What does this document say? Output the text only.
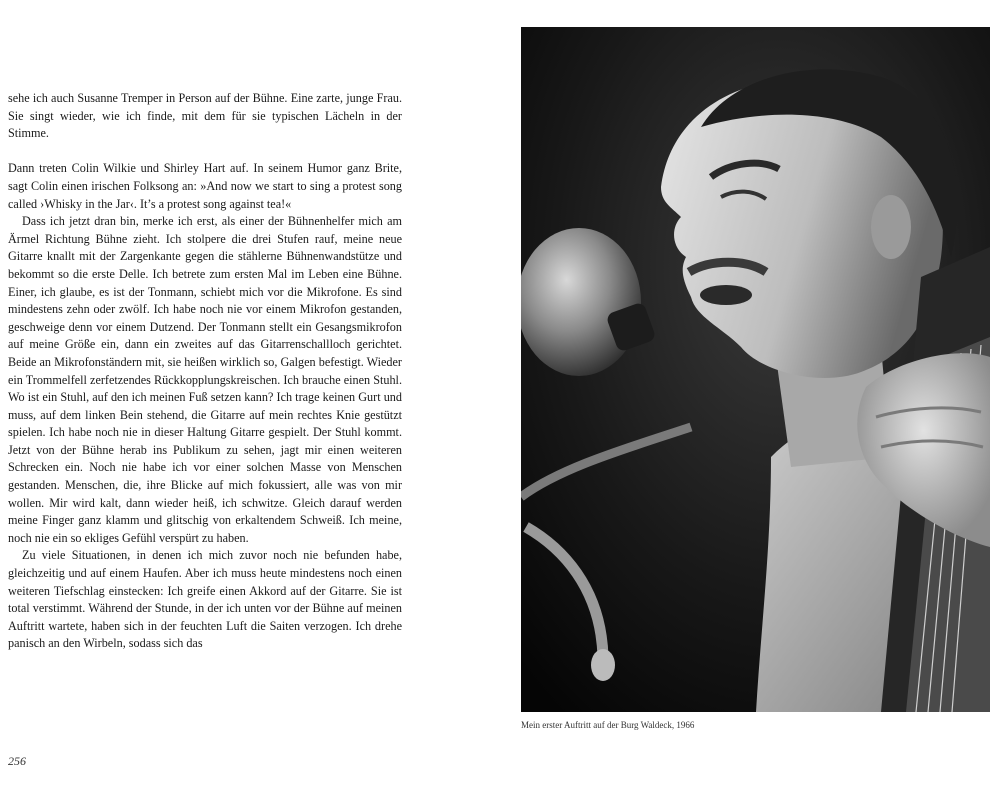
sehe ich auch Susanne Tremper in Person auf der Bühne. Eine zarte, junge Frau. Sie singt wieder, wie ich finde, mit dem für sie typischen Lächeln in der Stimme.

Dann treten Colin Wilkie und Shirley Hart auf. In seinem Humor ganz Brite, sagt Colin einen irischen Folksong an: »And now we start to sing a protest song called ›Whisky in the Jar‹. It’s a protest song against tea!«

Dass ich jetzt dran bin, merke ich erst, als einer der Bühnenhelfer mich am Ärmel Richtung Bühne zieht. Ich stolpere die drei Stufen rauf, meine neue Gitarre knallt mit der Zargenkante gegen die stählerne Bühnenwandstütze und bekommt so die erste Delle. Ich betrete zum ersten Mal im Leben eine Bühne. Einer, ich glaube, es ist der Tonmann, schiebt mich vor die Mikrofone. Es sind mindestens zehn oder zwölf. Ich habe noch nie vor einem Mikrofon gestanden, geschweige denn vor einem Dutzend. Der Tonmann stellt ein Gesangsmikrofon auf meine Größe ein, dann ein zweites auf das Gitarrenschallloch gerichtet. Beide an Mikrofonständern mit, sie heißen wirklich so, Galgen befestigt. Wieder ein Trommelfell zerfetzendes Rückkopplungskreischen. Ich brauche einen Stuhl. Wo ist ein Stuhl, auf den ich meinen Fuß setzen kann? Ich trage keinen Gurt und muss, auf dem linken Bein stehend, die Gitarre auf mein rechtes Knie gestützt spielen. Ich habe noch nie in dieser Haltung Gitarre gespielt. Der Stuhl kommt. Jetzt von der Bühne herab ins Publikum zu sehen, jagt mir einen weiteren Schrecken ein. Noch nie habe ich vor einer solchen Masse von Menschen gestanden. Menschen, die, ihre Blicke auf mich fokussiert, alle was von mir wollen. Mir wird kalt, dann wieder heiß, ich schwitze. Gleich darauf werden meine Finger ganz klamm und glitschig von erkaltendem Schweiß. Ich meine, noch nie ein so ekliges Gefühl verspürt zu haben.

Zu viele Situationen, in denen ich mich zuvor noch nie befunden habe, gleichzeitig und auf einem Haufen. Aber ich muss heute mindestens noch einen weiteren Tiefschlag einstecken: Ich greife einen Akkord auf der Gitarre. Sie ist total verstimmt. Während der Stunde, in der ich unten vor der Bühne auf meinen Auftritt wartete, haben sich in der feuchten Luft die Saiten verzogen. Ich drehe panisch an den Wirbeln, sodass sich das

256
Mein erster Auftritt auf der Burg Waldeck, 1966
